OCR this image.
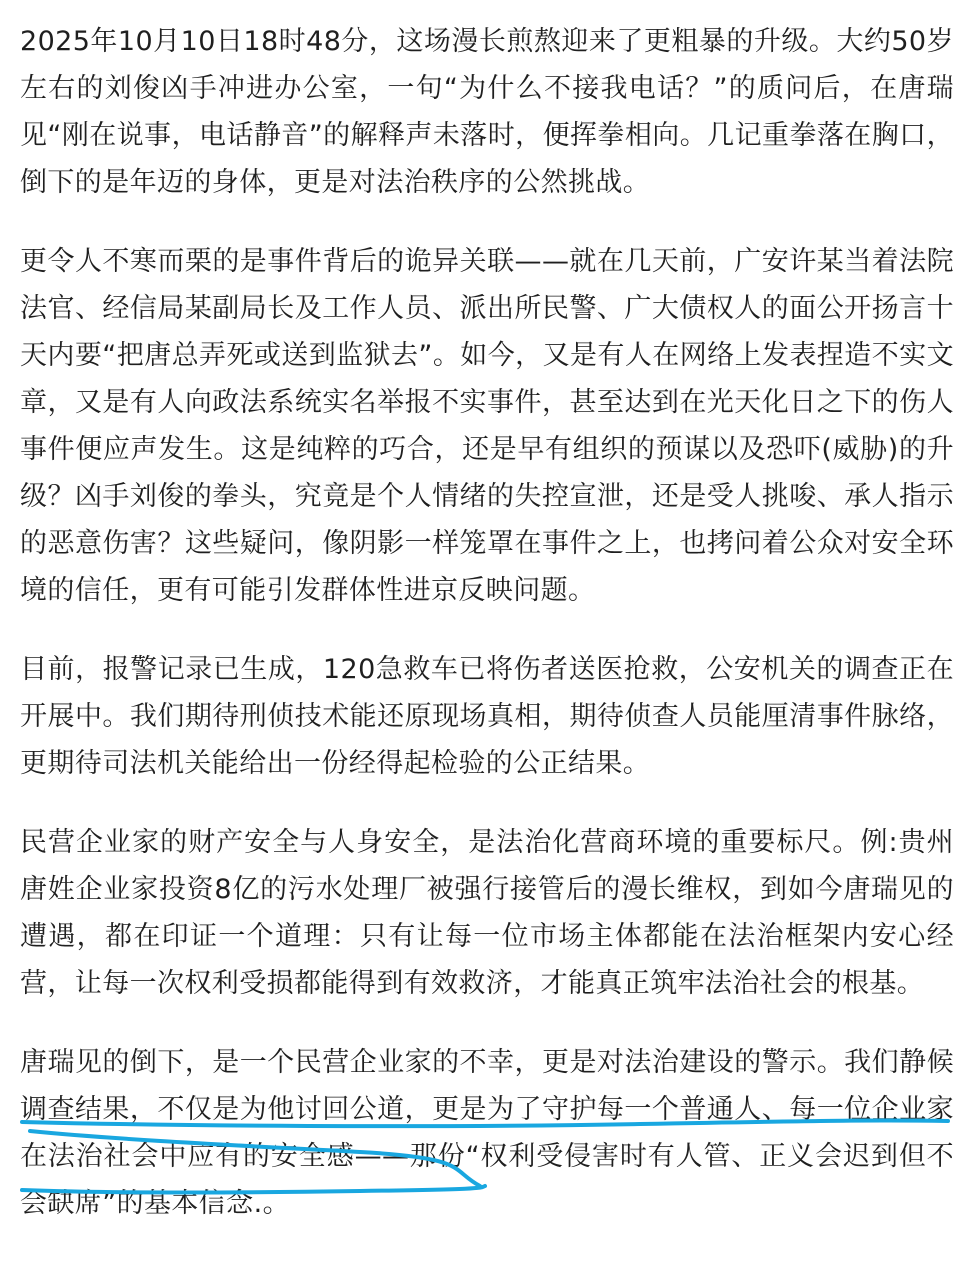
2025年10月10日18时48分，这场漫长煎熬迎来了更粗暴的升级。大约50岁左右的刘俊凶手冲进办公室，一句“为什么不接我电话？”的质问后，在唐瑞见“刚在说事，电话静音”的解释声未落时，便挥拳相向。几记重拳落在胸口，倒下的是年迈的身体，更是对法治秩序的公然挑战。

更令人不寒而栗的是事件背后的诡异关联——就在几天前，广安许某当着法院法官、经信局某副局长及工作人员、派出所民警、广大债权人的面公开扬言十天内要“把唐总弄死或送到监狱去”。如今，又是有人在网络上发表捏造不实文章，又是有人向政法系统实名举报不实事件，甚至达到在光天化日之下的伤人事件便应声发生。这是纯粹的巧合，还是早有组织的预谋以及恐吓(威胁)的升级？凶手刘俊的拳头，究竟是个人情绪的失控宣泄，还是受人挑唆、承人指示的恶意伤害？这些疑问，像阴影一样笼罩在事件之上，也拷问着公众对安全环境的信任，更有可能引发群体性进京反映问题。

目前，报警记录已生成，120急救车已将伤者送医抢救，公安机关的调查正在开展中。我们期待刑侦技术能还原现场真相，期待侦查人员能厘清事件脉络，更期待司法机关能给出一份经得起检验的公正结果。

民营企业家的财产安全与人身安全，是法治化营商环境的重要标尺。例:贵州唐姓企业家投资8亿的污水处理厂被强行接管后的漫长维权，到如今唐瑞见的遭遇，都在印证一个道理：只有让每一位市场主体都能在法治框架内安心经营，让每一次权利受损都能得到有效救济，才能真正筑牢法治社会的根基。

唐瑞见的倒下，是一个民营企业家的不幸，更是对法治建设的警示。我们静候调查结果，不仅是为他讨回公道，更是为了守护每一个普通人、每一位企业家在法治社会中应有的安全感——那份“权利受侵害时有人管、正义会迟到但不会缺席”的基本信念.。
